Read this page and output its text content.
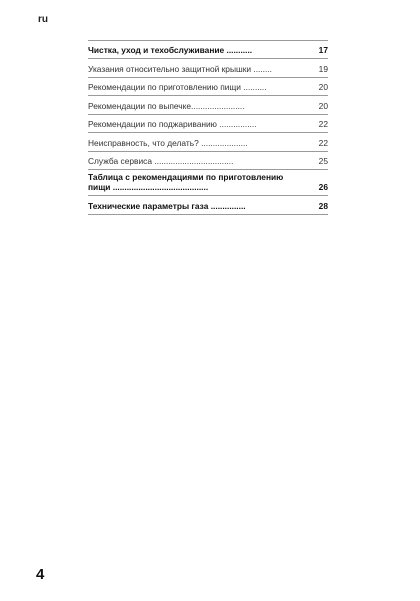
ru
Чистка, уход и техобслуживание ...........	17
Указания относительно защитной крышки ........	19
Рекомендации по приготовлению пищи ..........	20
Рекомендации по выпечке.......................	20
Рекомендации по поджариванию ................	22
Неисправность, что делать? ....................	22
Служба сервиса ..................................	25
Таблица с рекомендациями по приготовлению пищи .........................................	26
Технические параметры газа ...............	28
4
